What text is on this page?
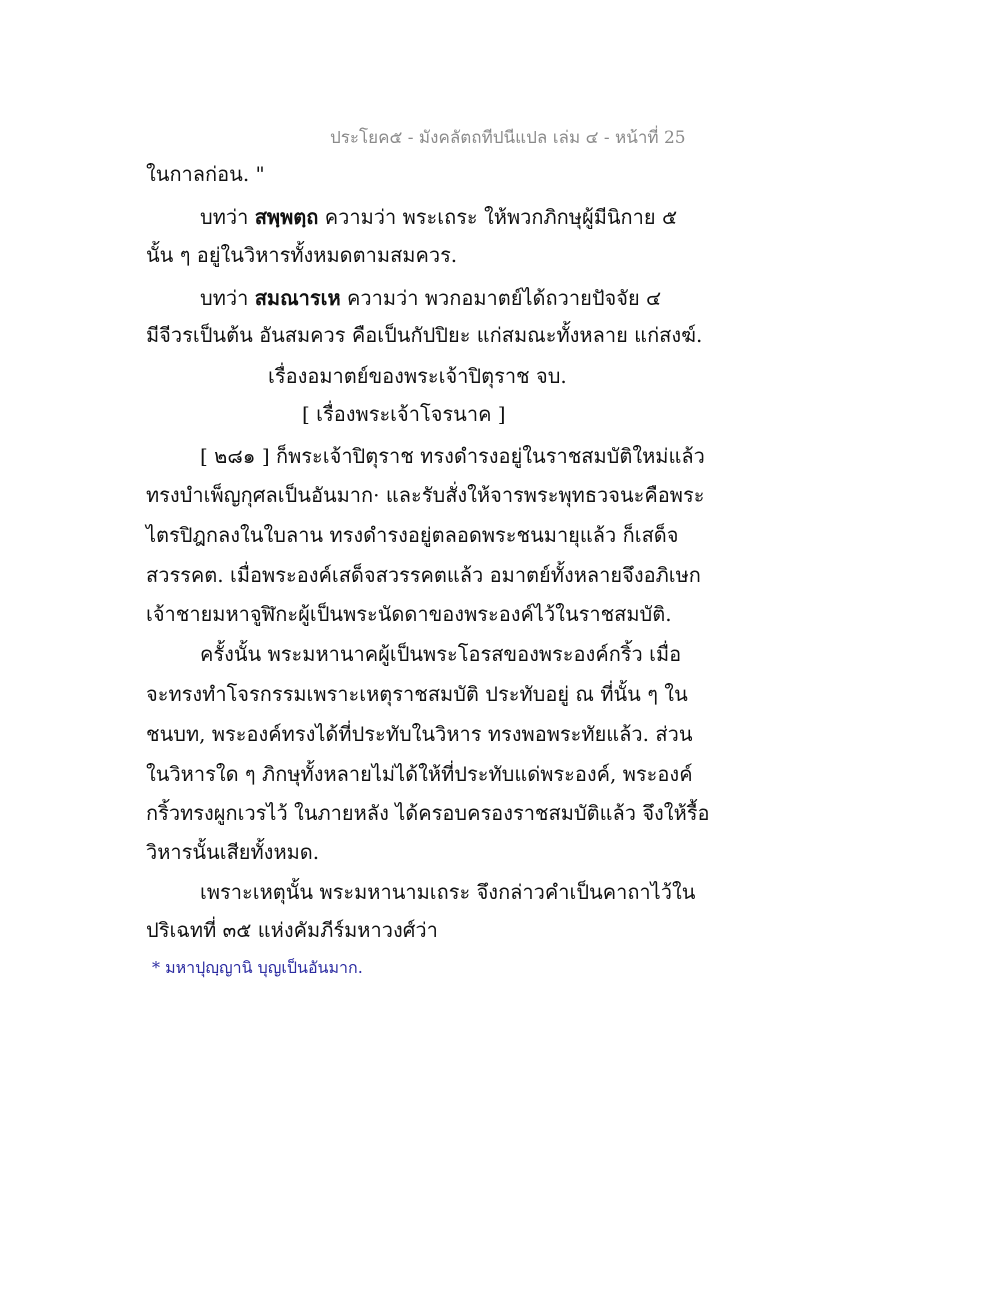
ประโยค๕ - มังคลัตถทีปนีแปล เล่ม ๔ - หน้าที่ 25
ในกาลก่อน. "
บทว่า สพฺพตฺถ ความว่า พระเถระ ให้พวกภิกษุผู้มีนิกาย ๕
นั้น ๆ อยู่ในวิหารทั้งหมดตามสมควร.
บทว่า สมณารเห ความว่า พวกอมาตย์ได้ถวายปัจจัย ๔
มีจีวรเป็นต้น อันสมควร คือเป็นกัปปิยะ แก่สมณะทั้งหลาย แก่สงฆ์.
เรื่องอมาตย์ของพระเจ้าปิตุราช จบ.
[ เรื่องพระเจ้าโจรนาค ]
[ ๒๘๑ ] ก็พระเจ้าปิตุราช ทรงดำรงอยู่ในราชสมบัติใหม่แล้ว
ทรงบำเพ็ญกุศลเป็นอันมาก· และรับสั่งให้จารพระพุทธวจนะคือพระ
ไตรปิฎกลงในใบลาน ทรงดำรงอยู่ตลอดพระชนมายุแล้ว ก็เสด็จ
สวรรคต. เมื่อพระองค์เสด็จสวรรคตแล้ว อมาตย์ทั้งหลายจึงอภิเษก
เจ้าชายมหาจูฬิกะผู้เป็นพระนัดดาของพระองค์ไว้ในราชสมบัติ.
ครั้งนั้น พระมหานาคผู้เป็นพระโอรสของพระองค์กริ้ว เมื่อ
จะทรงทำโจรกรรมเพราะเหตุราชสมบัติ ประทับอยู่ ณ ที่นั้น ๆ ใน
ชนบท, พระองค์ทรงได้ที่ประทับในวิหาร ทรงพอพระทัยแล้ว. ส่วน
ในวิหารใด ๆ ภิกษุทั้งหลายไม่ได้ให้ที่ประทับแด่พระองค์, พระองค์
กริ้วทรงผูกเวรไว้ ในภายหลัง ได้ครอบครองราชสมบัติแล้ว จึงให้รื้อ
วิหารนั้นเสียทั้งหมด.
เพราะเหตุนั้น พระมหานามเถระ จึงกล่าวคำเป็นคาถาไว้ใน
ปริเฉทที่ ๓๕ แห่งคัมภีร์มหาวงศ์ว่า
* มหาปุญฺญานิ บุญเป็นอันมาก.
